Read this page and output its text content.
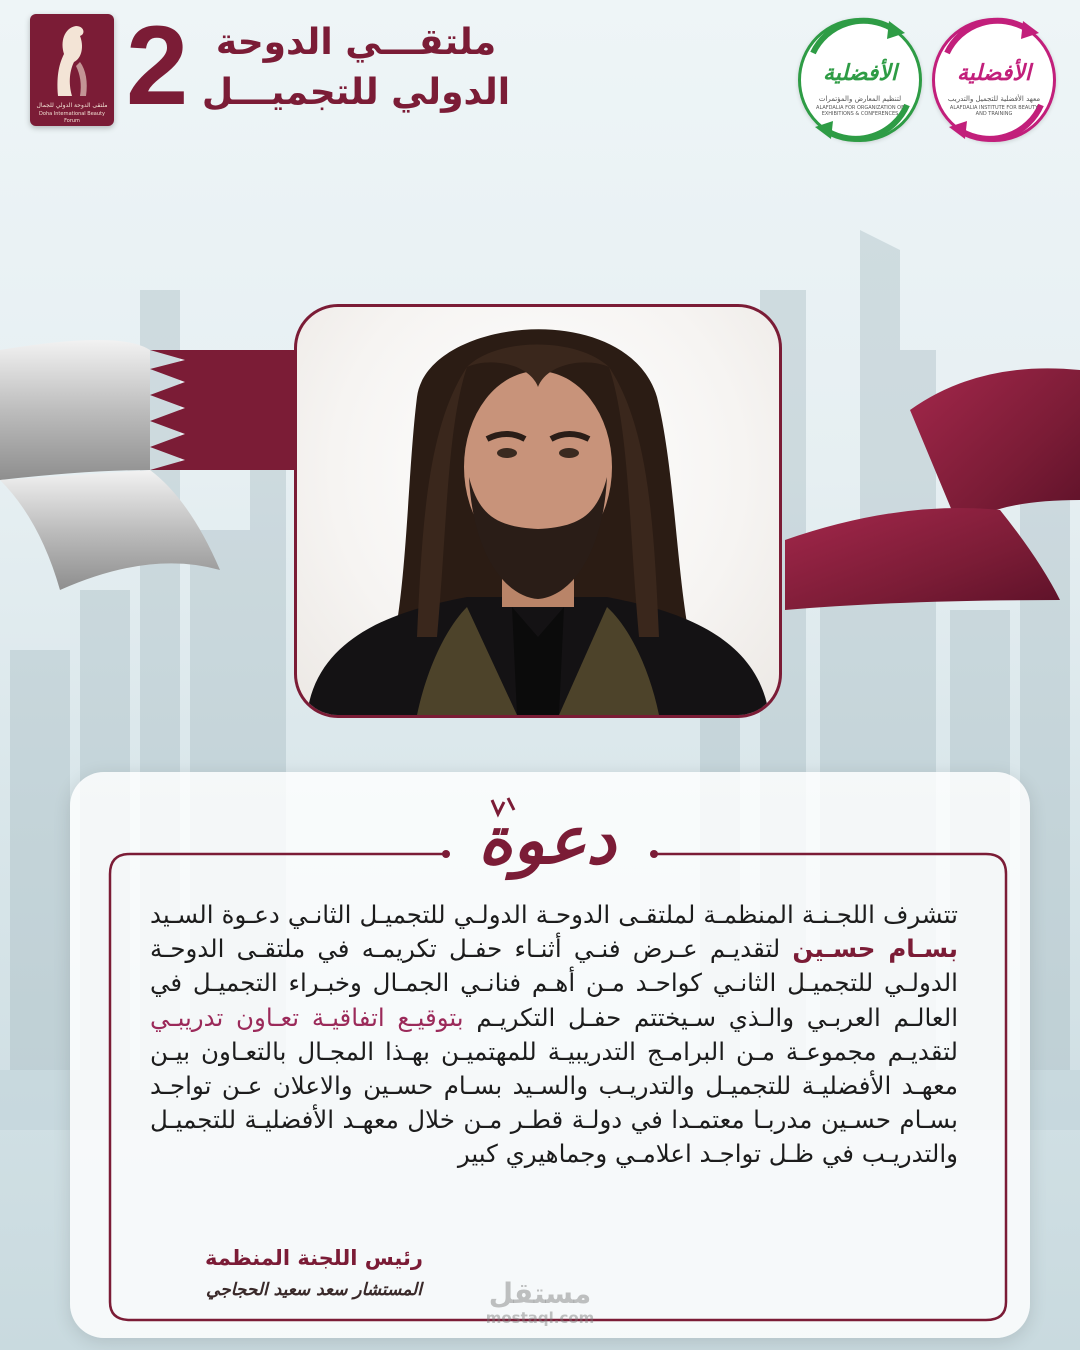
ملتقى الدوحة الدولي للجمال
Doha International Beauty Forum 2 ملتقـــي الدوحة
الدولي للتجميـــل	الأفضلية
لتنظيم المعارض والمؤتمرات
ALAFDALIA FOR ORGANIZATION OF EXHIBITIONS & CONFERENCES
الأفضلية
معهد الأفضلية للتجميل والتدريب
ALAFDALIA INSTITUTE FOR BEAUTY AND TRAINING
دعوة
تتشرف اللجـنـة المنظمـة لملتقـى الدوحـة الدولـي للتجميـل الثانـي دعـوة السـيد بسـام حسـين لتقديـم عـرض فنـي أثنـاء حفـل تكريمـه في ملتقـى الدوحـة الدولـي للتجميـل الثانـي كواحـد مـن أهـم فنانـي الجمـال وخبـراء التجميـل في العالـم العربـي والـذي سـيختتم حفـل التكريـم بتوقيـع اتفاقيـة تعـاون تدريبـي لتقديـم مجموعـة مـن البرامـج التدريبيـة للمهتميـن بهـذا المجـال بالتعـاون بيـن معهـد الأفضليـة للتجميـل والتدريـب والسـيد بسـام حسـين والاعلان عـن تواجـد بسـام حسـين مدربـا معتمـدا في دولـة قطـر مـن خلال معهـد الأفضليـة للتجميـل والتدريـب في ظـل تواجـد اعلامـي وجماهيري كبير
رئيس اللجنة المنظمة
المستشار سعد سعيد الحجاجي	مستقل
mostaql.com
